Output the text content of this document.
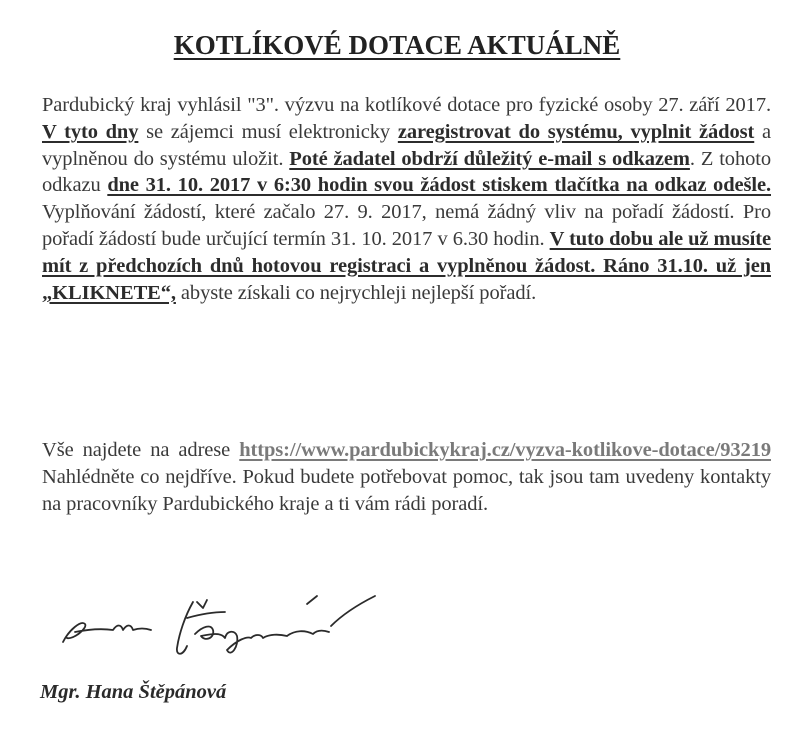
KOTLÍKOVÉ DOTACE AKTUÁLNĚ

Pardubický kraj vyhlásil "3". výzvu na kotlíkové dotace pro fyzické osoby 27. září 2017. V tyto dny se zájemci musí elektronicky zaregistrovat do systému, vyplnit žádost a vyplněnou do systému uložit. Poté žadatel obdrží důležitý e-mail s odkazem. Z tohoto odkazu dne 31. 10. 2017 v 6:30 hodin svou žádost stiskem tlačítka na odkaz odešle. Vyplňování žádostí, které začalo 27. 9. 2017, nemá žádný vliv na pořadí žádostí. Pro pořadí žádostí bude určující termín 31. 10. 2017 v 6.30 hodin. V tuto dobu ale už musíte mít z předchozích dnů hotovou registraci a vyplněnou žádost. Ráno 31.10. už jen „KLIKNETE“, abyste získali co nejrychleji nejlepší pořadí.

Vše najdete na adrese https://www.pardubickykraj.cz/vyzva-kotlikove-dotace/93219 Nahlédněte co nejdříve. Pokud budete potřebovat pomoc, tak jsou tam uvedeny kontakty na pracovníky Pardubického kraje a ti vám rádi poradí.

Mgr. Hana Štěpánová
